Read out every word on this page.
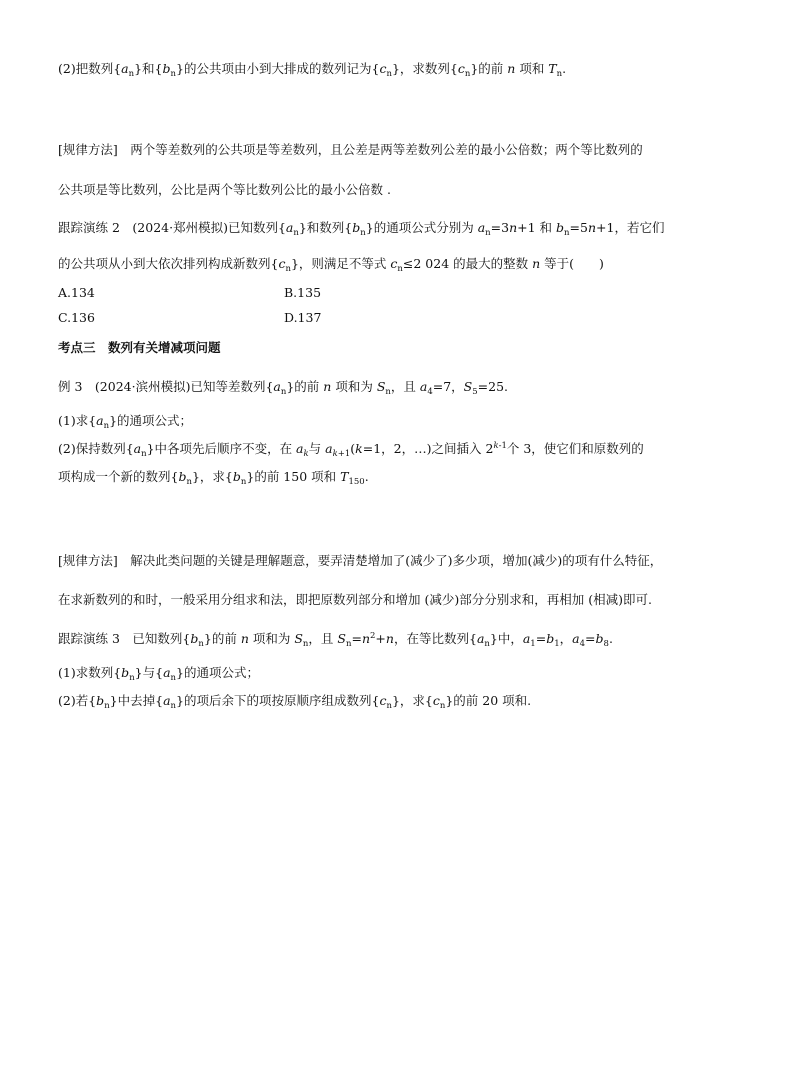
(2)把数列$\{a_n\}$和$\{b_n\}$的公共项由小到大排成的数列记为$\{c_n\}$，求数列$\{c_n\}$的前 n 项和 $T_n$.
[规律方法]　两个等差数列的公共项是等差数列，且公差是两等差数列公差的最小公倍数；两个等比数列的
公共项是等比数列，公比是两个等比数列公比的最小公倍数 .
跟踪演练 2　(2024·郑州模拟)已知数列$\{a_n\}$和数列$\{b_n\}$的通项公式分别为 $a_n=3n+1$ 和 $b_n=5n+1$，若它们
的公共项从小到大依次排列构成新数列$\{c_n\}$，则满足不等式 $c_n\le 2$ 024 的最大的整数 n 等于(　　)
A.134	B.135
C.136	D.137
考点三　数列有关增减项问题
例 3　(2024·滨州模拟)已知等差数列$\{a_n\}$的前 n 项和为 $S_n$，且 $a_4=7$，$S_5=25$.
(1)求$\{a_n\}$的通项公式；
(2)保持数列$\{a_n\}$中各项先后顺序不变，在 $a_k$与 $a_{k+1}(k=1$，2，…)之间插入 2$^{k-1}$个 3，使它们和原数列的
项构成一个新的数列$\{b_n\}$，求$\{b_n\}$的前 150 项和 $T_{150}$.
[规律方法]　解决此类问题的关键是理解题意，要弄清楚增加了(减少了)多少项，增加(减少)的项有什么特征，
在求新数列的和时，一般采用分组求和法，即把原数列部分和增加 (减少)部分分别求和，再相加 (相减)即可.
跟踪演练 3　已知数列$\{b_n\}$的前 n 项和为 $S_n$，且 $S_n=n^2+n$，在等比数列$\{a_n\}$中，$a_1=b_1$，$a_4=b_8$.
(1)求数列$\{b_n\}$与$\{a_n\}$的通项公式；
(2)若$\{b_n\}$中去掉$\{a_n\}$的项后余下的项按原顺序组成数列$\{c_n\}$，求$\{c_n\}$的前 20 项和.
